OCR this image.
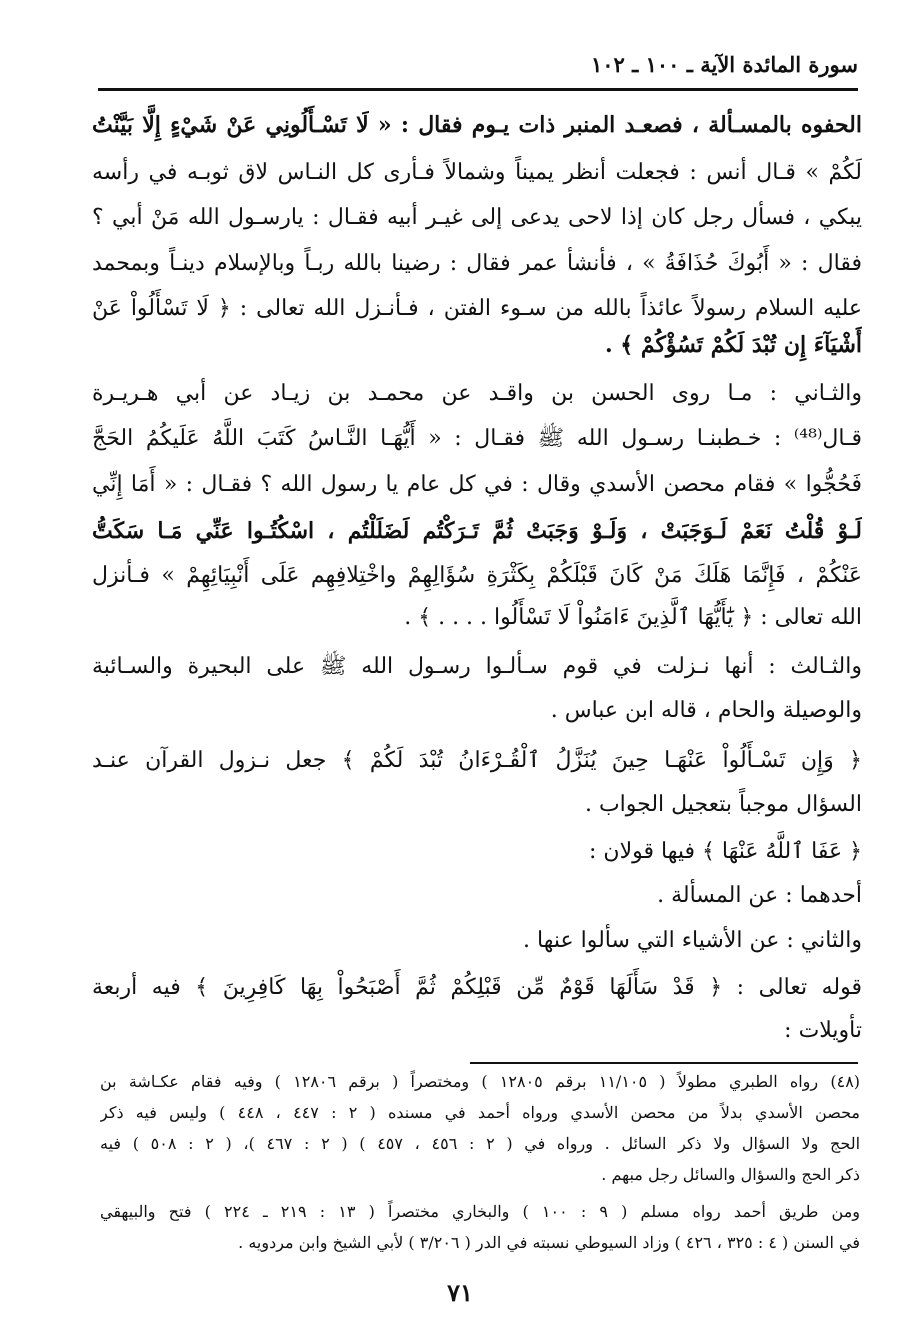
سورة المائدة الآية ـ ١٠٠ ـ ١٠٢
الحفوه بالمسـألة ، فصعـد المنبر ذات يـوم فقال : « لَا تَسْـأَلُونِي عَنْ شَيْءٍ إِلَّا بَيَّنْتُ
لَكُمْ » قـال أنس : فجعلت أنظر يميناً وشمالاً فـأرى كل النـاس لاق ثوبـه في رأسه
يبكي ، فسأل رجل كان إذا لاحى يدعى إلى غيـر أبيه فقـال : يارسـول الله مَنْ أبي ؟
فقال : « أَبُوكَ حُذَافَةُ » ، فأنشأ عمر فقال : رضينا بالله ربـاً وبالإسلام دينـاً وبمحمد
عليه السلام رسولاً عائذاً بالله من سـوء الفتن ، فـأنـزل الله تعالى : ﴿ لَا تَسْأَلُواْ عَنْ
أَشْيَآءَ إِن تُبْدَ لَكُمْ تَسُؤْكُمْ ﴾ .
والثـاني : مـا روى الحسن بن واقـد عن محمـد بن زيـاد عن أبي هـريـرة
قـال⁽⁴⁸⁾ : خـطبنـا رسـول الله ﷺ فقـال : « أَيُّهَـا النَّـاسُ كَتَبَ اللَّهُ عَلَيكُمُ الحَجَّ
فَحُجُّوا » فقام محصن الأسدي وقال : في كل عام يا رسول الله ؟ فقـال : « أَمَا إِنِّي
لَـوْ قُلْتُ نَعَمْ لَـوَجَبَتْ ، وَلَـوْ وَجَبَتْ ثُمَّ تَـرَكْتُم لَضَلَلْتُم ، اسْكُتُـوا عَنِّي مَـا سَكَتُّ
عَنْكُمْ ، فَإِنَّمَا هَلَكَ مَنْ كَانَ قَبْلَكُمْ بِكَثْرَةِ سُؤَالِهِمْ واخْتِلافِهِم عَلَى أَنْبِيَائِهِمْ » فـأنزل
الله تعالى : ﴿ يَٰٓأَيُّهَا ٱلَّذِينَ ءَامَنُواْ لَا تَسْأَلُوا . . . . ﴾ .
والثـالث : أنها نـزلت في قوم سـألـوا رسـول الله ﷺ على البحيرة والسـائبة
والوصيلة والحام ، قاله ابن عباس .
﴿ وَإِن تَسْـأَلُواْ عَنْهَـا حِينَ يُنَزَّلُ ٱلْقُـرْءَانُ تُبْدَ لَكُمْ ﴾ جعل نـزول القرآن عنـد
السؤال موجباً بتعجيل الجواب .
﴿ عَفَا ٱللَّهُ عَنْهَا ﴾ فيها قولان :
أحدهما : عن المسألة .
والثاني : عن الأشياء التي سألوا عنها .
قوله تعالى : ﴿ قَدْ سَأَلَهَا قَوْمٌ مِّن قَبْلِكُمْ ثُمَّ أَصْبَحُواْ بِهَا كَافِرِينَ ﴾ فيه أربعة
تأويلات :
(٤٨) رواه الطبري مطولاً ( ١١/١٠٥ برقم ١٢٨٠٥ ) ومختصراً ( برقم ١٢٨٠٦ ) وفيه فقام عكـاشة بن
محصن الأسدي بدلاً من محصن الأسدي ورواه أحمد في مسنده ( ٢ : ٤٤٧ ، ٤٤٨ ) وليس فيه ذكر
الحج ولا السؤال ولا ذكر السائل . ورواه في ( ٢ : ٤٥٦ ، ٤٥٧ ) ( ٢ : ٤٦٧ )، ( ٢ : ٥٠٨ ) فيه
ذكر الحج والسؤال والسائل رجل مبهم .
ومن طريق أحمد رواه مسلم ( ٩ : ١٠٠ ) والبخاري مختصراً ( ١٣ : ٢١٩ ـ ٢٢٤ ) فتح والبيهقي
في السنن ( ٤ : ٣٢٥ ، ٤٢٦ ) وزاد السيوطي نسبته في الدر ( ٣/٢٠٦ ) لأبي الشيخ وابن مردويه .
٧١
